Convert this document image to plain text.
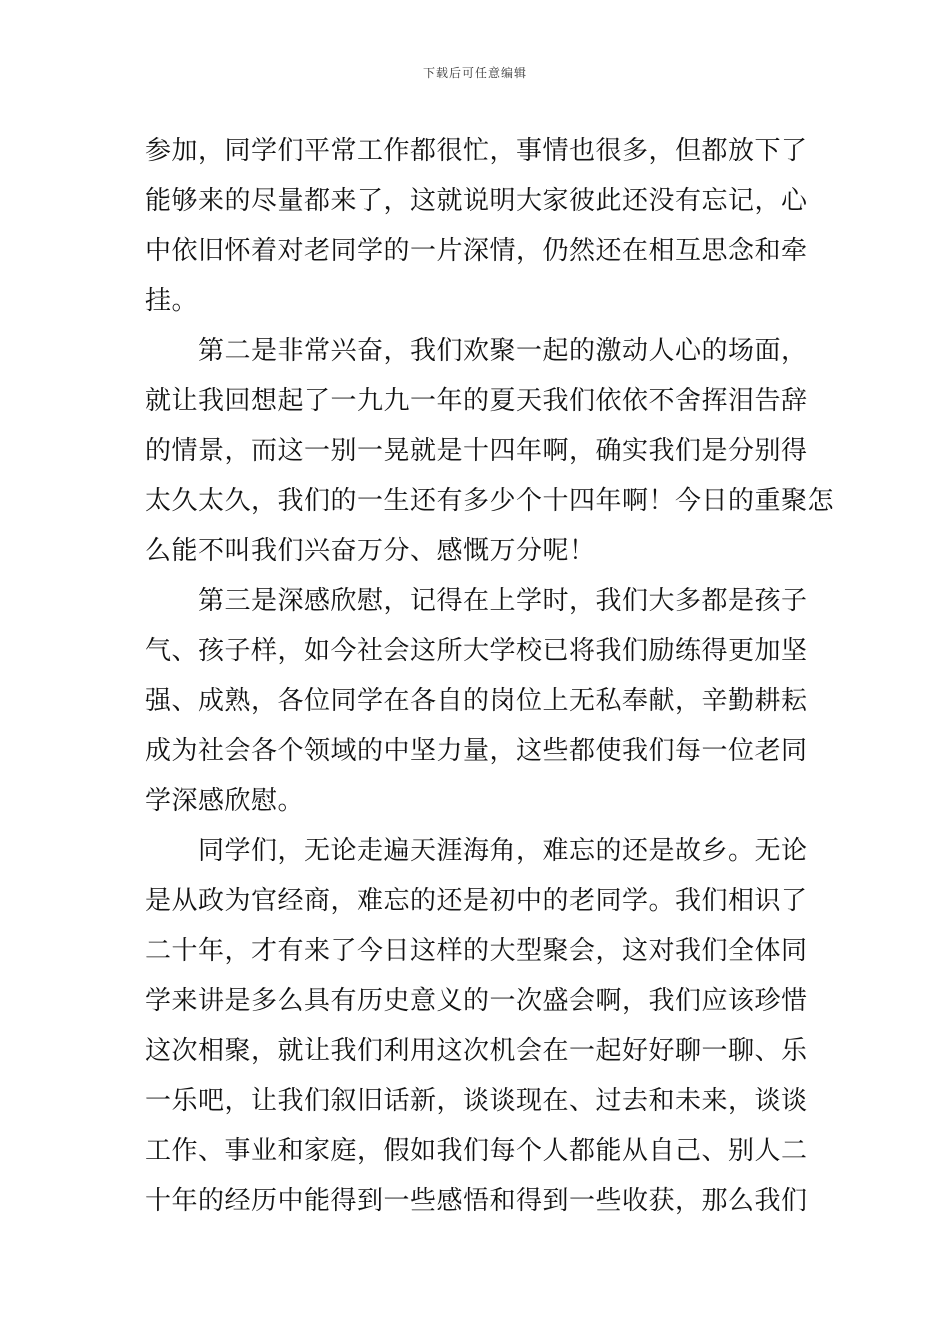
下载后可任意编辑

参加，同学们平常工作都很忙，事情也很多，但都放下了
能够来的尽量都来了，这就说明大家彼此还没有忘记，心
中依旧怀着对老同学的一片深情，仍然还在相互思念和牵
挂。

　　第二是非常兴奋，我们欢聚一起的激动人心的场面，
就让我回想起了一九九一年的夏天我们依依不舍挥泪告辞
的情景，而这一别一晃就是十四年啊，确实我们是分别得
太久太久，我们的一生还有多少个十四年啊！今日的重聚怎
么能不叫我们兴奋万分、感慨万分呢！

　　第三是深感欣慰，记得在上学时，我们大多都是孩子
气、孩子样，如今社会这所大学校已将我们励练得更加坚
强、成熟，各位同学在各自的岗位上无私奉献，辛勤耕耘
成为社会各个领域的中坚力量，这些都使我们每一位老同
学深感欣慰。

　　同学们，无论走遍天涯海角，难忘的还是故乡。无论
是从政为官经商，难忘的还是初中的老同学。我们相识了
二十年，才有来了今日这样的大型聚会，这对我们全体同
学来讲是多么具有历史意义的一次盛会啊，我们应该珍惜
这次相聚，就让我们利用这次机会在一起好好聊一聊、乐
一乐吧，让我们叙旧话新，谈谈现在、过去和未来，谈谈
工作、事业和家庭，假如我们每个人都能从自己、别人二
十年的经历中能得到一些感悟和得到一些收获，那么我们
